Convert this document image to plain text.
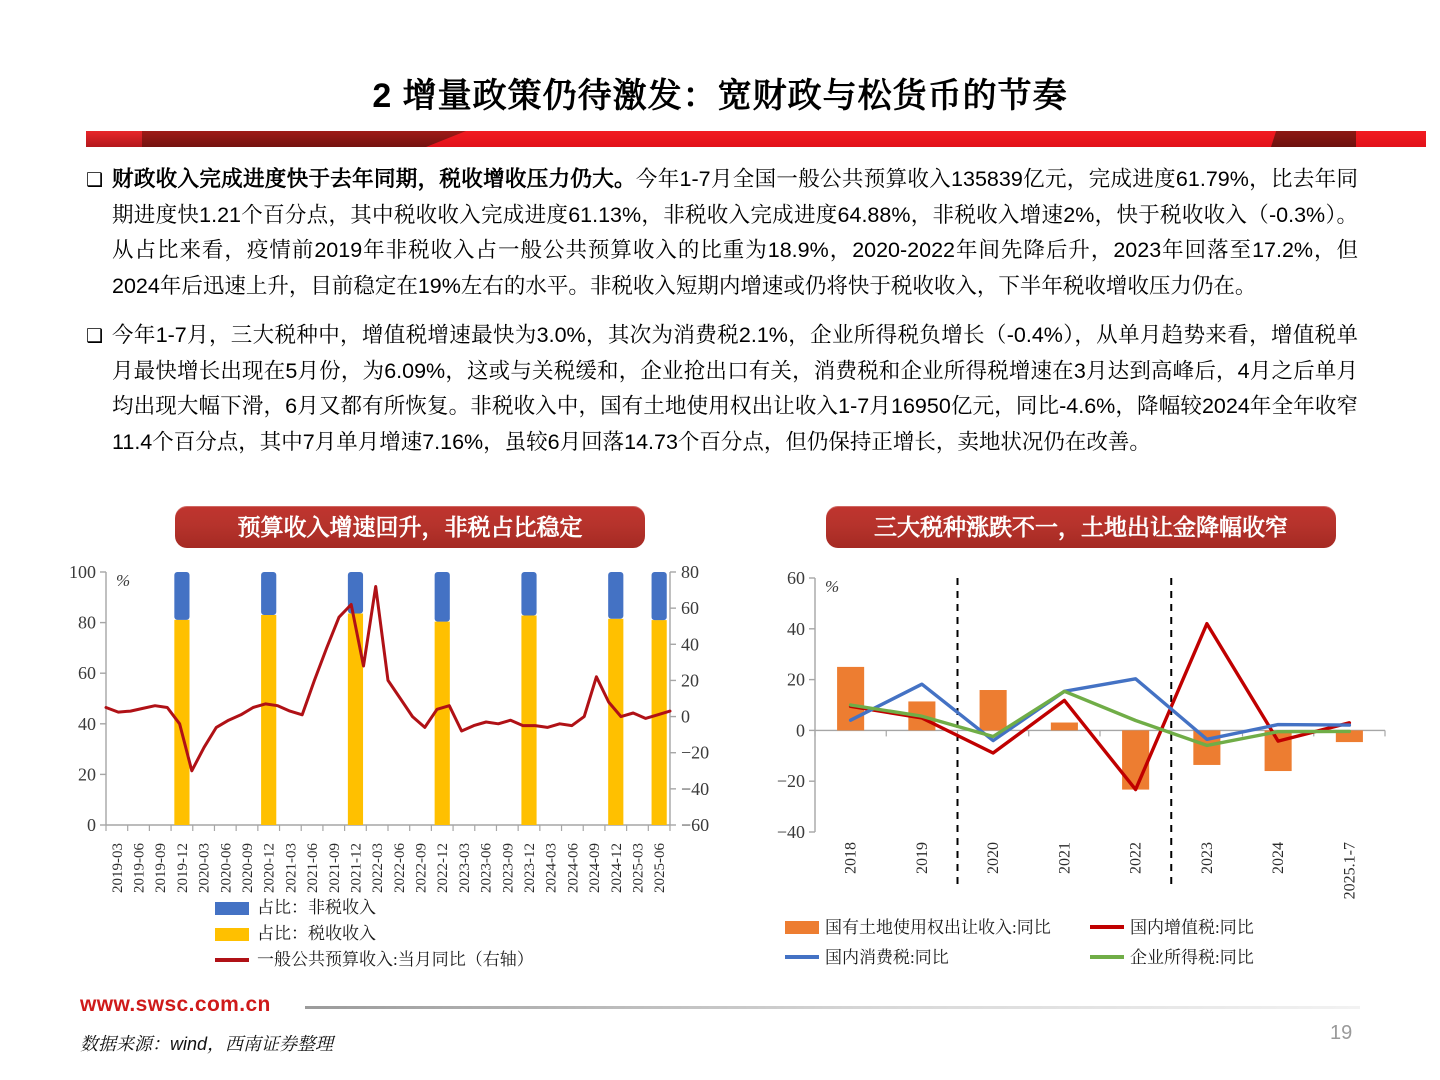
2 增量政策仍待激发：宽财政与松货币的节奏
❑ 财政收入完成进度快于去年同期，税收增收压力仍大。今年1-7月全国一般公共预算收入135839亿元，完成进度61.79%，比去年同期进度快1.21个百分点，其中税收收入完成进度61.13%，非税收入完成进度64.88%，非税收入增速2%，快于税收收入（-0.3%）。从占比来看，疫情前2019年非税收入占一般公共预算收入的比重为18.9%，2020-2022年间先降后升，2023年回落至17.2%，但2024年后迅速上升，目前稳定在19%左右的水平。非税收入短期内增速或仍将快于税收收入，下半年税收增收压力仍在。
❑ 今年1-7月，三大税种中，增值税增速最快为3.0%，其次为消费税2.1%，企业所得税负增长（-0.4%），从单月趋势来看，增值税单月最快增长出现在5月份，为6.09%，这或与关税缓和，企业抢出口有关，消费税和企业所得税增速在3月达到高峰后，4月之后单月均出现大幅下滑，6月又都有所恢复。非税收入中，国有土地使用权出让收入1-7月16950亿元，同比-4.6%，降幅较2024年全年收窄11.4个百分点，其中7月单月增速7.16%，虽较6月回落14.73个百分点，但仍保持正增长，卖地状况仍在改善。
预算收入增速回升，非税占比稳定
0
20
40
60
80
100
−60
−40
−20
0
20
40
60
80
%
2019-03 2019-06 2019-09 2019-12 2020-03 2020-06 2020-09 2020-12 2021-03 2021-06 2021-09 2021-12 2022-03 2022-06 2022-09 2022-12 2023-03 2023-06 2023-09 2023-12 2024-03 2024-06 2024-09 2024-12 2025-03 2025-06
占比：非税收入
占比：税收收入
一般公共预算收入:当月同比（右轴）
三大税种涨跌不一，土地出让金降幅收窄
−40
−20
0
20
40
60 %
2018	2019	2020	2021	2022	2023	2024	2025.1-7
国有土地使用权出让收入:同比	国内增值税:同比
国内消费税:同比	企业所得税:同比
www.swsc.com.cn
数据来源：wind，西南证券整理	19
